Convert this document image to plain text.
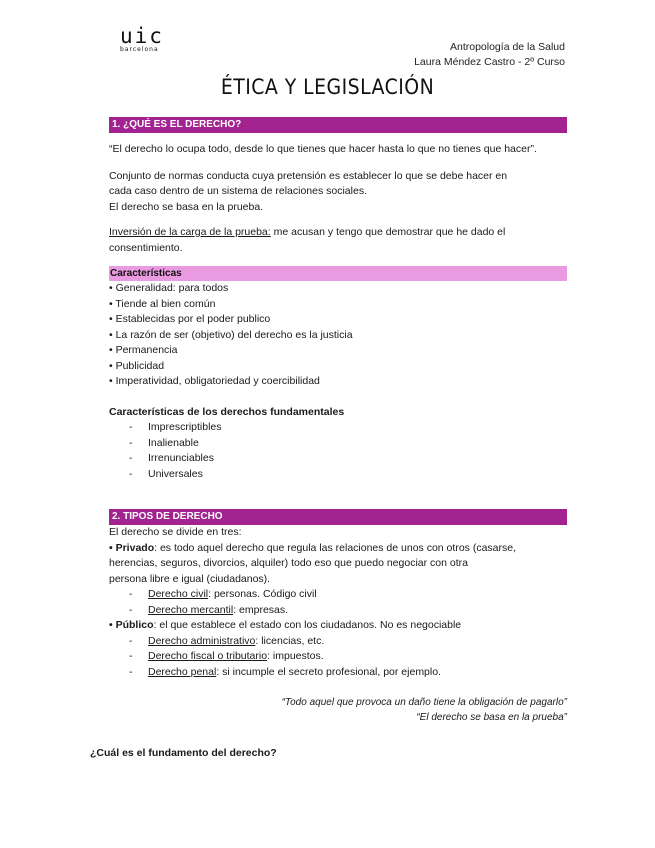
uic
barcelona	Antropología de la Salud
Laura Méndez Castro - 2º Curso
ÉTICA Y LEGISLACIÓN
1. ¿QUÉ ES EL DERECHO?

“El derecho lo ocupa todo, desde lo que tienes que hacer hasta lo que no tienes que hacer”.

Conjunto de normas conducta cuya pretensión es establecer lo que se debe hacer en

cada caso dentro de un sistema de relaciones sociales.

El derecho se basa en la prueba.

Inversión de la carga de la prueba: me acusan y tengo que demostrar que he dado el

consentimiento.

Características
• Generalidad: para todos
• Tiende al bien común
• Establecidas por el poder publico
• La razón de ser (objetivo) del derecho es la justicia
• Permanencia
• Publicidad
• Imperatividad, obligatoriedad y coercibilidad
Características de los derechos fundamentales
- Imprescriptibles
- Inalienable
- Irrenunciables
- Universales
2. TIPOS DE DERECHO
El derecho se divide en tres:
• Privado: es todo aquel derecho que regula las relaciones de unos con otros (casarse,
herencias, seguros, divorcios, alquiler) todo eso que puedo negociar con otra
persona libre e igual (ciudadanos).
- Derecho civil: personas. Código civil
- Derecho mercantil: empresas.
• Público: el que establece el estado con los ciudadanos. No es negociable
- Derecho administrativo: licencias, etc.
- Derecho fiscal o tributario: impuestos.
- Derecho penal: si incumple el secreto profesional, por ejemplo.
“Todo aquel que provoca un daño tiene la obligación de pagarlo”
“El derecho se basa en la prueba”
¿Cuál es el fundamento del derecho?
